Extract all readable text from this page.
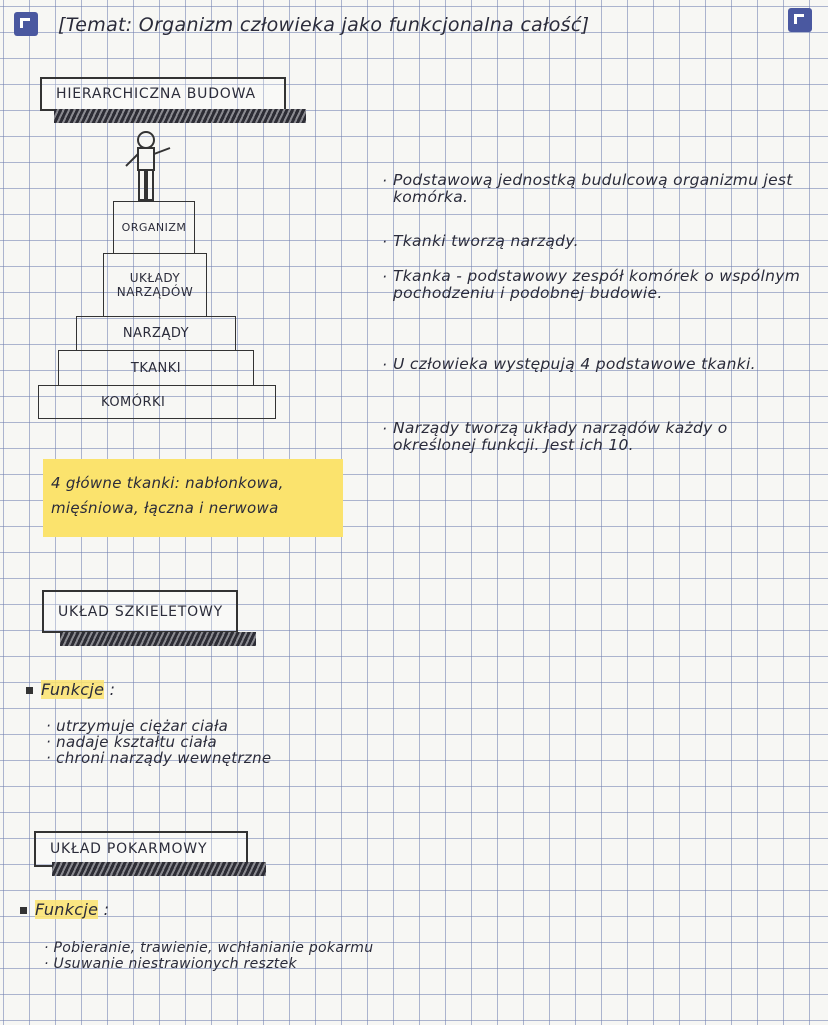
[Temat: Organizm człowieka jako funkcjonalna całość]
HIERARCHICZNA BUDOWA
ORGANIZM
UKŁADY NARZĄDÓW
NARZĄDY
TKANKI
KOMÓRKI
· Podstawową jednostką budulcową organizmu jest komórka.
· Tkanki tworzą narządy.
· Tkanka - podstawowy zespół komórek o wspólnym pochodzeniu i podobnej budowie.
· U człowieka występują 4 podstawowe tkanki.
· Narządy tworzą układy narządów każdy o określonej funkcji. Jest ich 10.
4 główne tkanki: nabłonkowa, mięśniowa, łączna i nerwowa
UKŁAD SZKIELETOWY
Funkcje :
· utrzymuje ciężar ciała
· nadaje kształtu ciała
· chroni narządy wewnętrzne
UKŁAD POKARMOWY
Funkcje :
· Pobieranie, trawienie, wchłanianie pokarmu
· Usuwanie niestrawionych resztek
